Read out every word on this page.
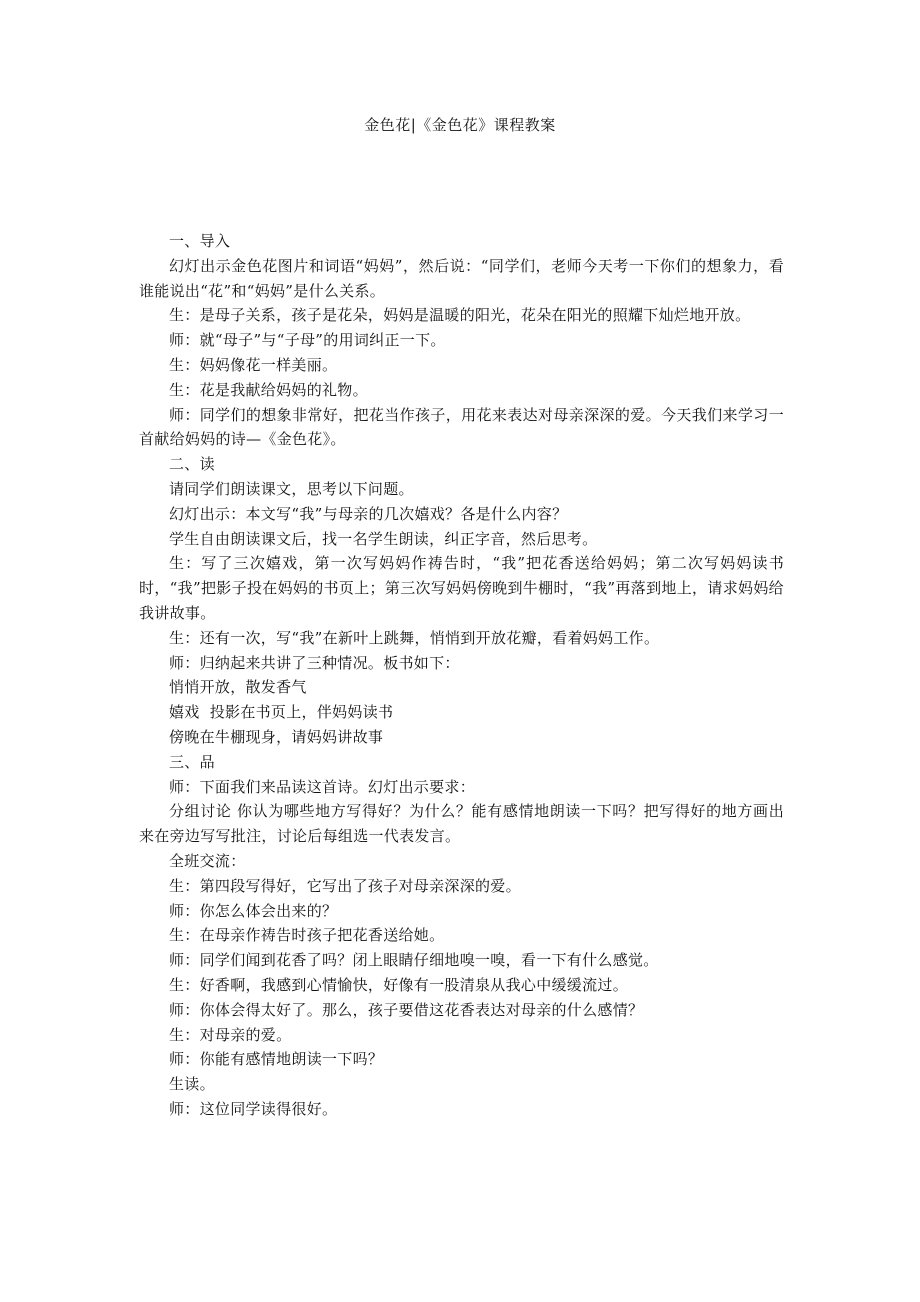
金色花|《金色花》课程教案

一、导入

幻灯出示金色花图片和词语“妈妈”，然后说：“同学们，老师今天考一下你们的想象力，看谁能说出“花”和“妈妈”是什么关系。

生：是母子关系，孩子是花朵，妈妈是温暖的阳光，花朵在阳光的照耀下灿烂地开放。

师：就“母子”与“子母”的用词纠正一下。

生：妈妈像花一样美丽。

生：花是我献给妈妈的礼物。

师：同学们的想象非常好，把花当作孩子，用花来表达对母亲深深的爱。今天我们来学习一首献给妈妈的诗—《金色花》。

二、读

请同学们朗读课文，思考以下问题。

幻灯出示：本文写“我”与母亲的几次嬉戏？各是什么内容？

学生自由朗读课文后，找一名学生朗读，纠正字音，然后思考。

生：写了三次嬉戏，第一次写妈妈作祷告时，“我”把花香送给妈妈；第二次写妈妈读书时，“我”把影子投在妈妈的书页上；第三次写妈妈傍晚到牛棚时，“我”再落到地上，请求妈妈给我讲故事。

生：还有一次，写“我”在新叶上跳舞，悄悄到开放花瓣，看着妈妈工作。

师：归纳起来共讲了三种情况。板书如下：

悄悄开放，散发香气

嬉戏  投影在书页上，伴妈妈读书

傍晚在牛棚现身，请妈妈讲故事

三、品

师：下面我们来品读这首诗。幻灯出示要求：

分组讨论 你认为哪些地方写得好？为什么？能有感情地朗读一下吗？把写得好的地方画出来在旁边写写批注，讨论后每组选一代表发言。

全班交流：

生：第四段写得好，它写出了孩子对母亲深深的爱。

师：你怎么体会出来的？

生：在母亲作祷告时孩子把花香送给她。

师：同学们闻到花香了吗？闭上眼睛仔细地嗅一嗅，看一下有什么感觉。

生：好香啊，我感到心情愉快，好像有一股清泉从我心中缓缓流过。

师：你体会得太好了。那么，孩子要借这花香表达对母亲的什么感情？

生：对母亲的爱。

师：你能有感情地朗读一下吗？

生读。

师：这位同学读得很好。
